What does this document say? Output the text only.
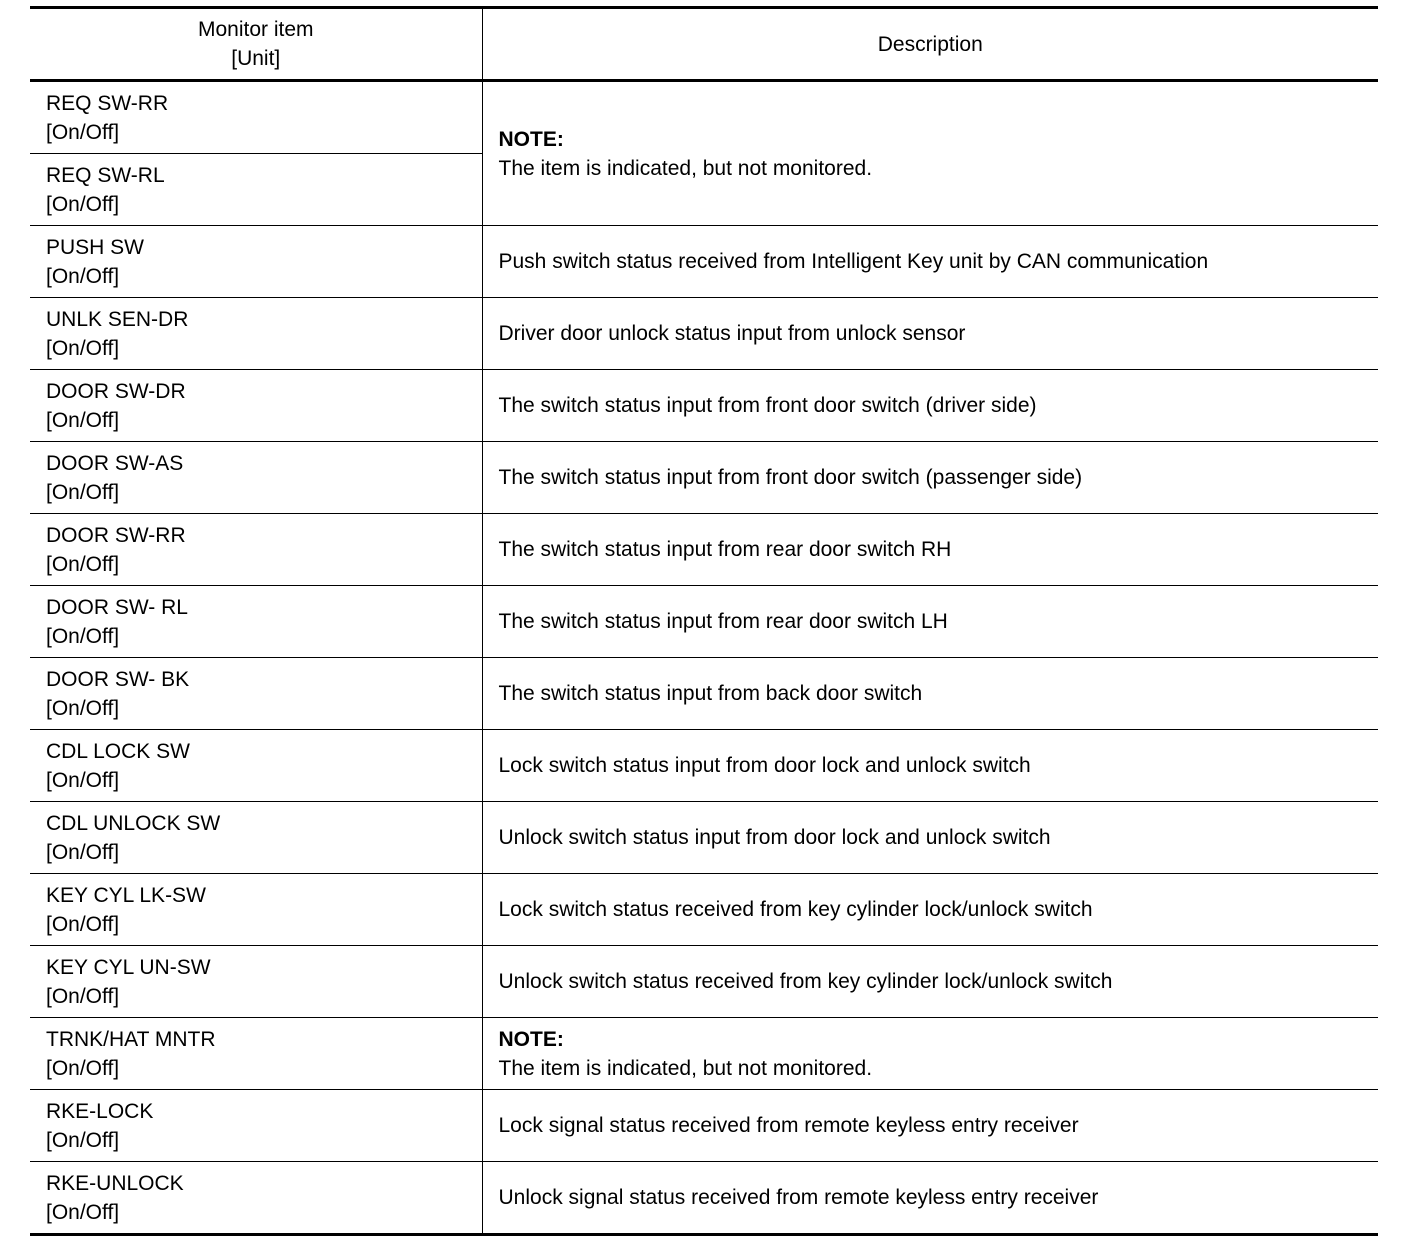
Monitor item
[Unit]	Description

REQ SW-RR
[On/Off]	NOTE:
The item is indicated, but not monitored.

REQ SW-RL
[On/Off]	

PUSH SW
[On/Off]	Push switch status received from Intelligent Key unit by CAN communication

UNLK SEN-DR
[On/Off]	Driver door unlock status input from unlock sensor

DOOR SW-DR
[On/Off]	The switch status input from front door switch (driver side)

DOOR SW-AS
[On/Off]	The switch status input from front door switch (passenger side)

DOOR SW-RR
[On/Off]	The switch status input from rear door switch RH

DOOR SW- RL
[On/Off]	The switch status input from rear door switch LH

DOOR SW- BK
[On/Off]	The switch status input from back door switch

CDL LOCK SW
[On/Off]	Lock switch status input from door lock and unlock switch

CDL UNLOCK SW
[On/Off]	Unlock switch status input from door lock and unlock switch

KEY CYL LK-SW
[On/Off]	Lock switch status received from key cylinder lock/unlock switch

KEY CYL UN-SW
[On/Off]	Unlock switch status received from key cylinder lock/unlock switch

TRNK/HAT MNTR
[On/Off]	NOTE:
The item is indicated, but not monitored.

RKE-LOCK
[On/Off]	Lock signal status received from remote keyless entry receiver

RKE-UNLOCK
[On/Off]	Unlock signal status received from remote keyless entry receiver
